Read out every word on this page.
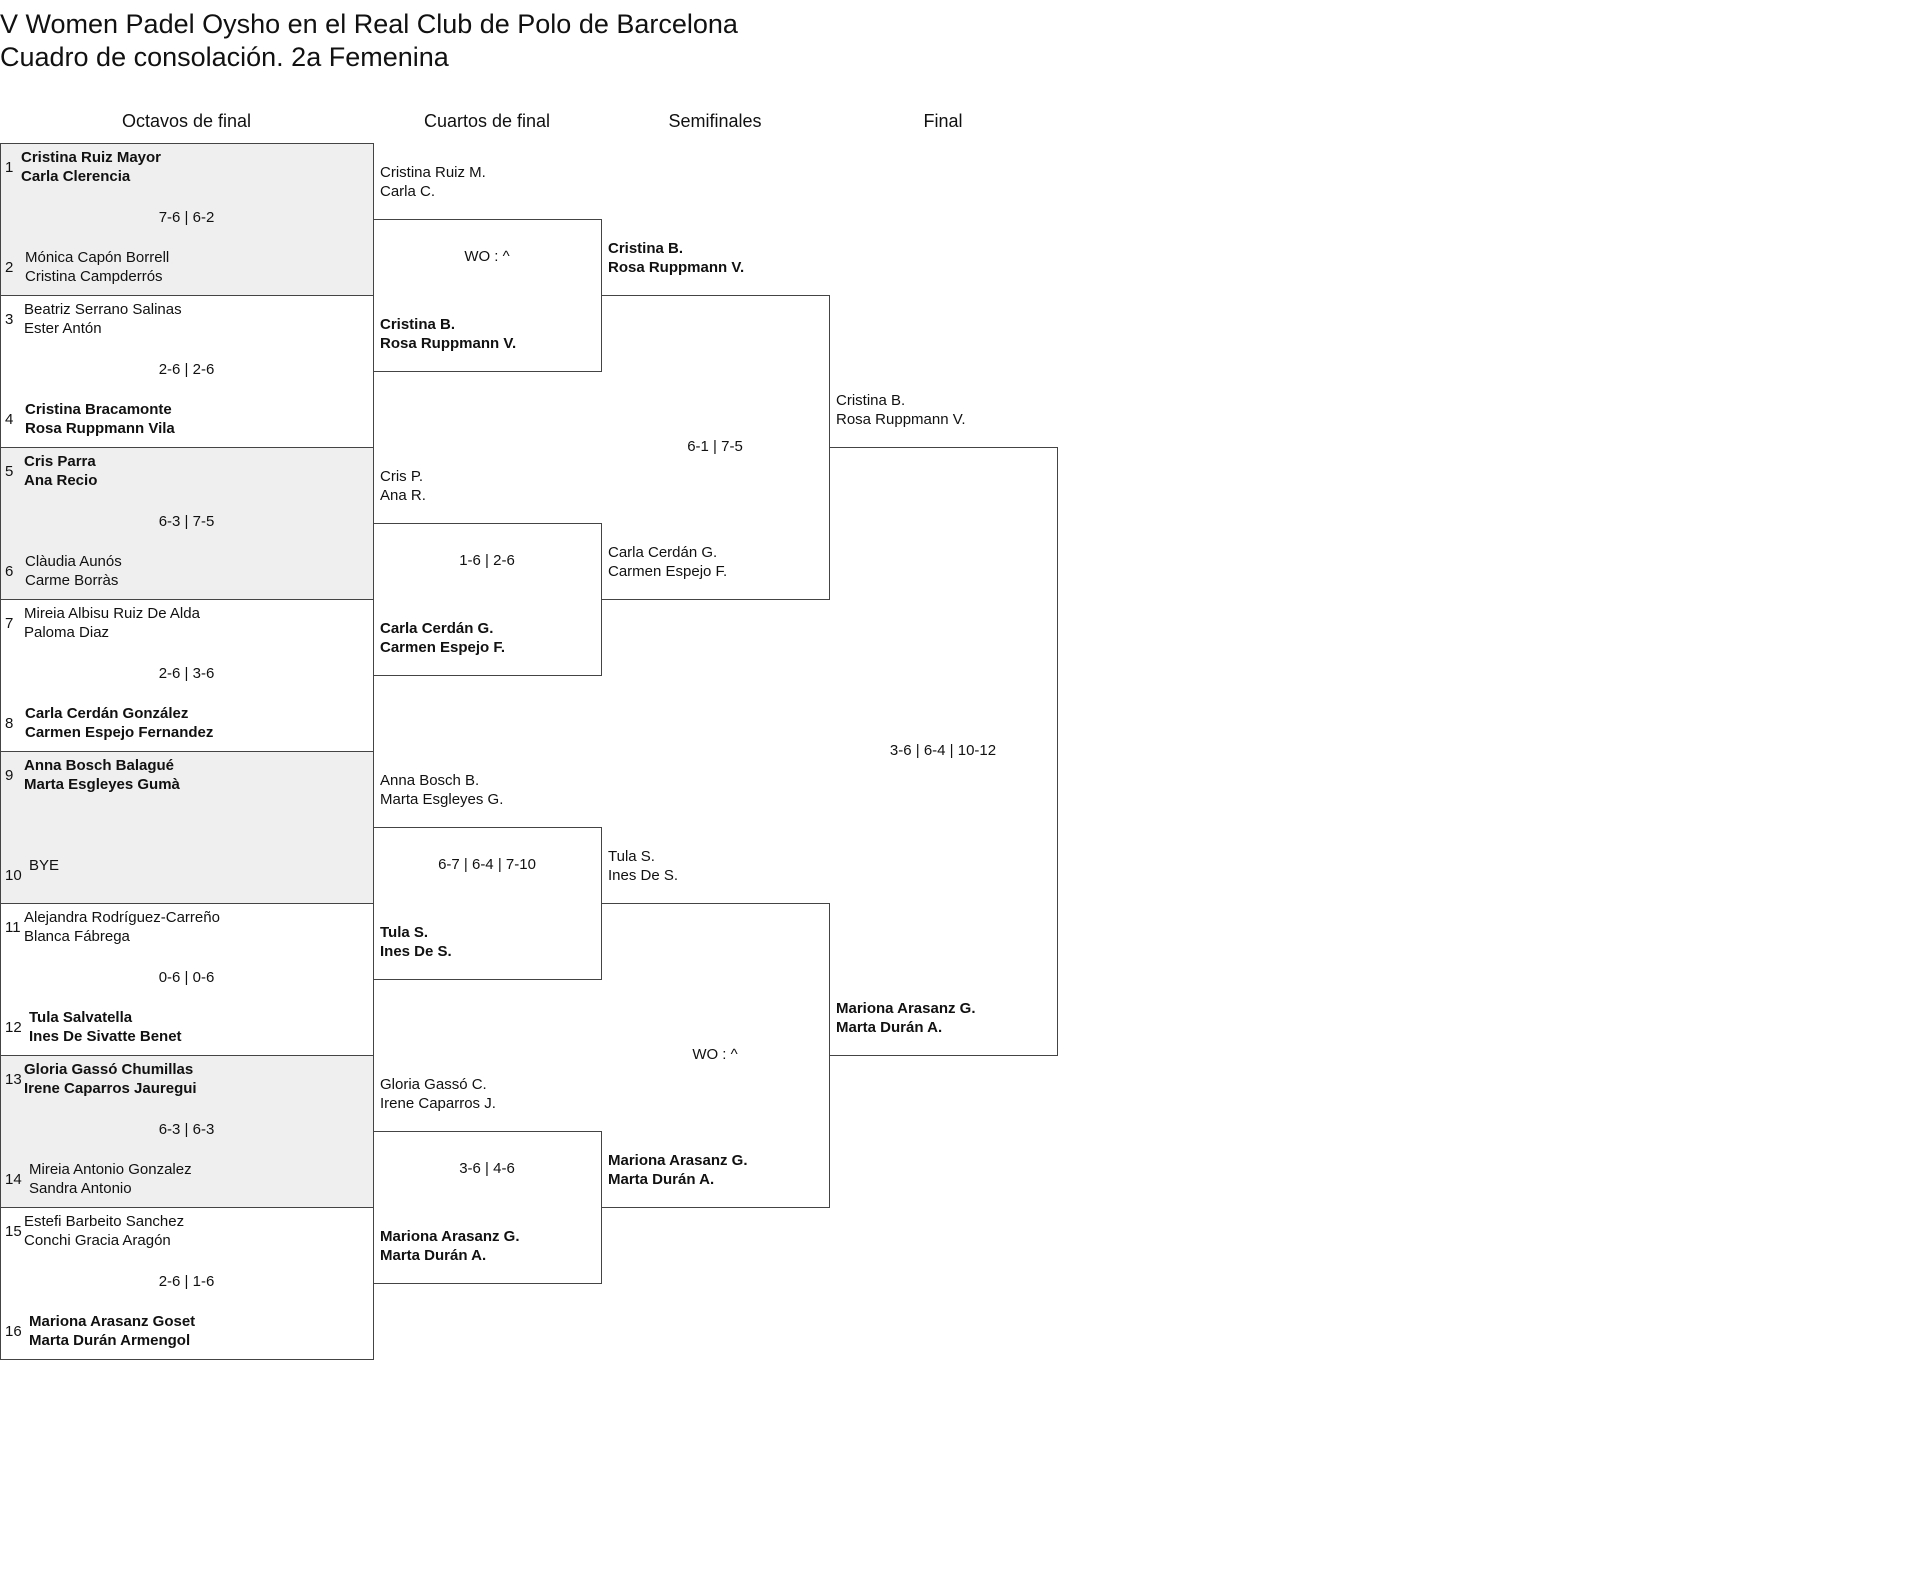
V Women Padel Oysho en el Real Club de Polo de Barcelona
Cuadro de consolación. 2a Femenina
Octavos de final	Cuartos de final	Semifinales	Final
1
2
Cristina Ruiz Mayor
Carla Clerencia
Mónica Capón Borrell
Cristina Campderrós
7-6 | 6-2
3
4
Beatriz Serrano Salinas
Ester Antón
Cristina Bracamonte
Rosa Ruppmann Vila
2-6 | 2-6
5
6
Cris Parra
Ana Recio
Clàudia Aunós
Carme Borràs
6-3 | 7-5
7
8
Mireia Albisu Ruiz De Alda
Paloma Diaz
Carla Cerdán González
Carmen Espejo Fernandez
2-6 | 3-6
9
10
Anna Bosch Balagué
Marta Esgleyes Gumà
BYE
11
12
Alejandra Rodríguez-Carreño
Blanca Fábrega
Tula Salvatella
Ines De Sivatte Benet
0-6 | 0-6
13
14
Gloria Gassó Chumillas
Irene Caparros Jauregui
Mireia Antonio Gonzalez
Sandra Antonio
6-3 | 6-3
15
16
Estefi Barbeito Sanchez
Conchi Gracia Aragón
Mariona Arasanz Goset
Marta Durán Armengol
2-6 | 1-6
Cristina Ruiz M.
Carla C.
Cristina B.
Rosa Ruppmann V.
WO : ^
Cris P.
Ana R.
Carla Cerdán G.
Carmen Espejo F.
1-6 | 2-6
Anna Bosch B.
Marta Esgleyes G.
Tula S.
Ines De S.
6-7 | 6-4 | 7-10
Gloria Gassó C.
Irene Caparros J.
Mariona Arasanz G.
Marta Durán A.
3-6 | 4-6
Cristina B.
Rosa Ruppmann V.
Carla Cerdán G.
Carmen Espejo F.
6-1 | 7-5
Tula S.
Ines De S.
Mariona Arasanz G.
Marta Durán A.
WO : ^
Cristina B.
Rosa Ruppmann V.
Mariona Arasanz G.
Marta Durán A.
3-6 | 6-4 | 10-12
